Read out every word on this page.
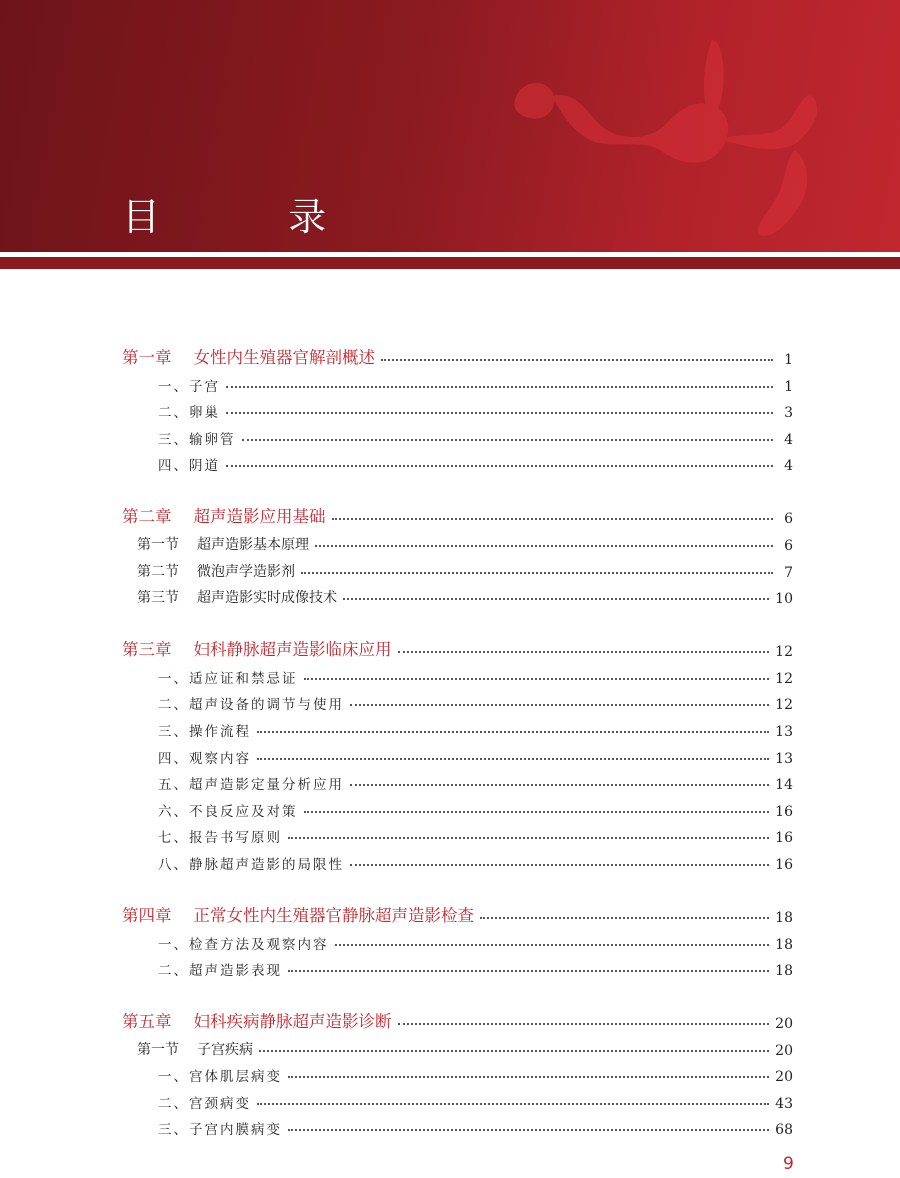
目 录
第一章 女性内生殖器官解剖概述	1
一、子宫	1
二、卵巢	3
三、输卵管	4
四、阴道	4
第二章 超声造影应用基础	6
第一节 超声造影基本原理	6
第二节 微泡声学造影剂	7
第三节 超声造影实时成像技术	10
第三章 妇科静脉超声造影临床应用	12
一、适应证和禁忌证	12
二、超声设备的调节与使用	12
三、操作流程	13
四、观察内容	13
五、超声造影定量分析应用	14
六、不良反应及对策	16
七、报告书写原则	16
八、静脉超声造影的局限性	16
第四章 正常女性内生殖器官静脉超声造影检查	18
一、检查方法及观察内容	18
二、超声造影表现	18
第五章 妇科疾病静脉超声造影诊断	20
第一节 子宫疾病	20
一、宫体肌层病变	20
二、宫颈病变	43
三、子宫内膜病变	68
9
